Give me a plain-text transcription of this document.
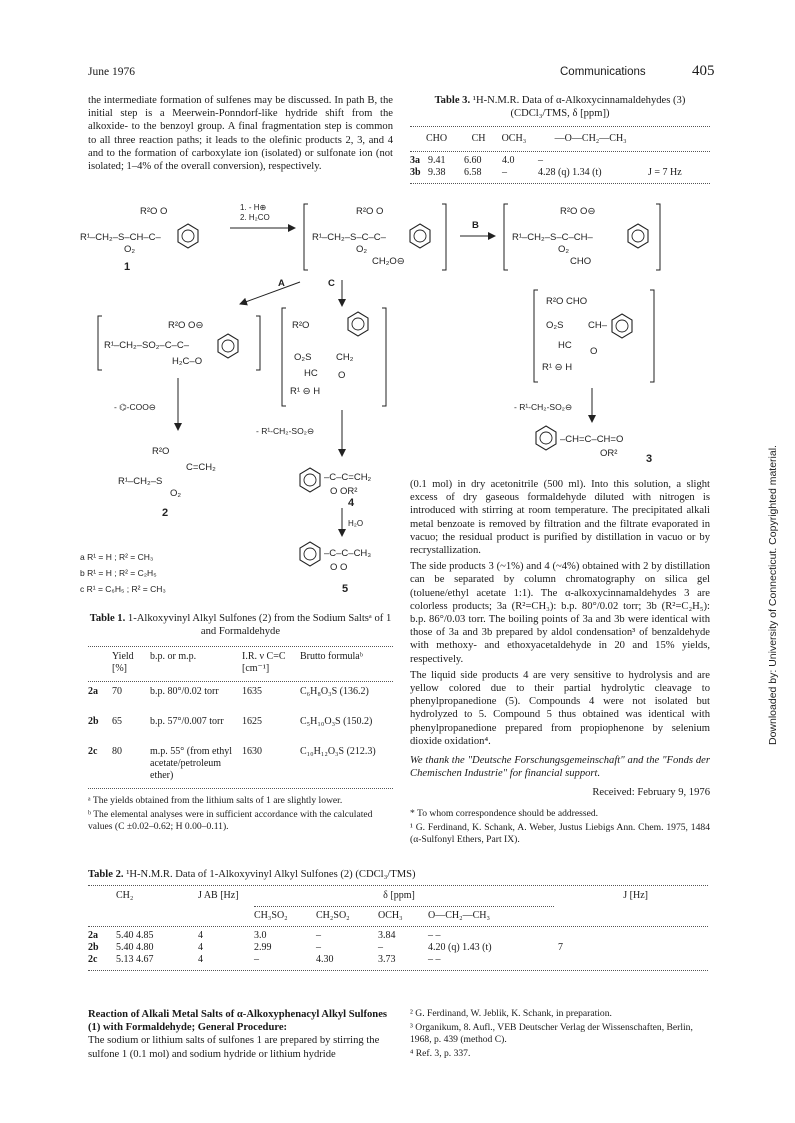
June 1976	Communications	405
Downloaded by: University of Connecticut. Copyrighted material.
the intermediate formation of sulfenes may be discussed. In path B, the initial step is a Meerwein-Ponndorf-like hydride shift from the alkoxide- to the benzoyl group. A final fragmentation step is common to all three reaction paths; it leads to the olefinic products 2, 3, and 4 and to the formation of carboxylate ion (isolated) or sulfonate ion (not isolated; 1–4% of the overall conversion), respectively.
Table 3. ¹H-N.M.R. Data of α-Alkoxycinnamaldehydes (3) (CDCl₃/TMS, δ [ppm])
	CHO	CH	OCH₃	—O—CH₂—CH₃	
3a	9.41	6.60	4.0	–	
3b	9.38	6.58	–	4.28 (q) 1.34 (t)	J = 7 Hz
R²O O
R¹–CH₂–S–CH–C–
O₂
1
1. - H⊕
2. H₂CO
R²O O
R¹–CH₂–S–C–C–
O₂
CH₂O⊖
B
R²O O⊖
R¹–CH₂–S–C–CH–
O₂
CHO
A	C
R²O O⊖
R¹–CH₂–SO₂–C–C–
H₂C–O
R²O
O₂S	CH₂
HC O
R¹ ⊖ H
R²O CHO
O₂S	CH–
HC
O
R¹ ⊖ H
- ⌬-COO⊖
- R¹-CH₂-SO₂⊖
- R¹-CH₂-SO₂⊖
R²O
C=CH₂
R¹–CH₂–S
O₂
2
–C–C=CH₂
O OR²
4
H₂O
–CH=C–CH=O
OR²	3
–C–C–CH₃
O O
5
a R¹ = H ; R² = CH₃
b R¹ = H ; R² = C₂H₅
c R¹ = C₆H₅ ; R² = CH₃
Table 1. 1-Alkoxyvinyl Alkyl Sulfones (2) from the Sodium Saltsᵃ of 1 and Formaldehyde
	Yield [%]	b.p. or m.p.	I.R. ν C=C [cm⁻¹]	Brutto formulaᵇ
2a	70	b.p. 80°/0.02 torr	1635	C₆H₈O₃S (136.2)
2b	65	b.p. 57°/0.007 torr	1625	C₅H₁₀O₃S (150.2)
2c	80	m.p. 55° (from ethyl acetate/petroleum ether)	1630	C₁₀H₁₂O₃S (212.3)
ᵃ The yields obtained from the lithium salts of 1 are slightly lower.
ᵇ The elemental analyses were in sufficient accordance with the calculated values (C ±0.02–0.62; H 0.00–0.11).

(0.1 mol) in dry acetonitrile (500 ml). Into this solution, a slight excess of dry gaseous formaldehyde diluted with nitrogen is introduced with stirring at room temperature. The precipitated alkali metal benzoate is removed by filtration and the filtrate evaporated in vacuo; the residual product is purified by distillation in vacuo or by recrystallization.

The side products 3 (~1%) and 4 (~4%) obtained with 2 by distillation can be separated by column chromatography on silica gel (toluene/ethyl acetate 1:1). The α-alkoxycinnamaldehydes 3 are colorless products; 3a (R²=CH₃): b.p. 80°/0.02 torr; 3b (R²=C₂H₅): b.p. 86°/0.03 torr. The boiling points of 3a and 3b were identical with those of 3a and 3b prepared by aldol condensation³ of benzaldehyde with methoxy- and ethoxyacetaldehyde in 20 and 15% yields, respectively.

The liquid side products 4 are very sensitive to hydrolysis and are yellow colored due to their partial hydrolytic cleavage to phenylpropanedione (5). Compounds 4 were not isolated but hydrolyzed to 5. Compound 5 thus obtained was identical with phenylpropanedione prepared from propiophenone by selenium dioxide oxidation⁴.

We thank the "Deutsche Forschungsgemeinschaft" and the "Fonds der Chemischen Industrie" for financial support.

Received: February 9, 1976

* To whom correspondence should be addressed.
¹ G. Ferdinand, K. Schank, A. Weber, Justus Liebigs Ann. Chem. 1975, 1484 (α-Sulfonyl Ethers, Part IX).
Table 2. ¹H-N.M.R. Data of 1-Alkoxyvinyl Alkyl Sulfones (2) (CDCl₃/TMS)
	CH₂	J AB [Hz]	δ [ppm]	J [Hz]
	CH₃SO₂	CH₂SO₂	OCH₃	O—CH₂—CH₃
2a	5.40 4.85	4	3.0	–	3.84	– –	
2b	5.40 4.80	4	2.99	–	–	4.20 (q) 1.43 (t)	7
2c	5.13 4.67	4	–	4.30	3.73	– –	

Reaction of Alkali Metal Salts of α-Alkoxyphenacyl Alkyl Sulfones (1) with Formaldehyde; General Procedure:

The sodium or lithium salts of sulfones 1 are prepared by stirring the sulfone 1 (0.1 mol) and sodium hydride or lithium hydride

² G. Ferdinand, W. Jeblik, K. Schank, in preparation.
³ Organikum, 8. Aufl., VEB Deutscher Verlag der Wissenschaften, Berlin, 1968, p. 439 (method C).
⁴ Ref. 3, p. 337.
